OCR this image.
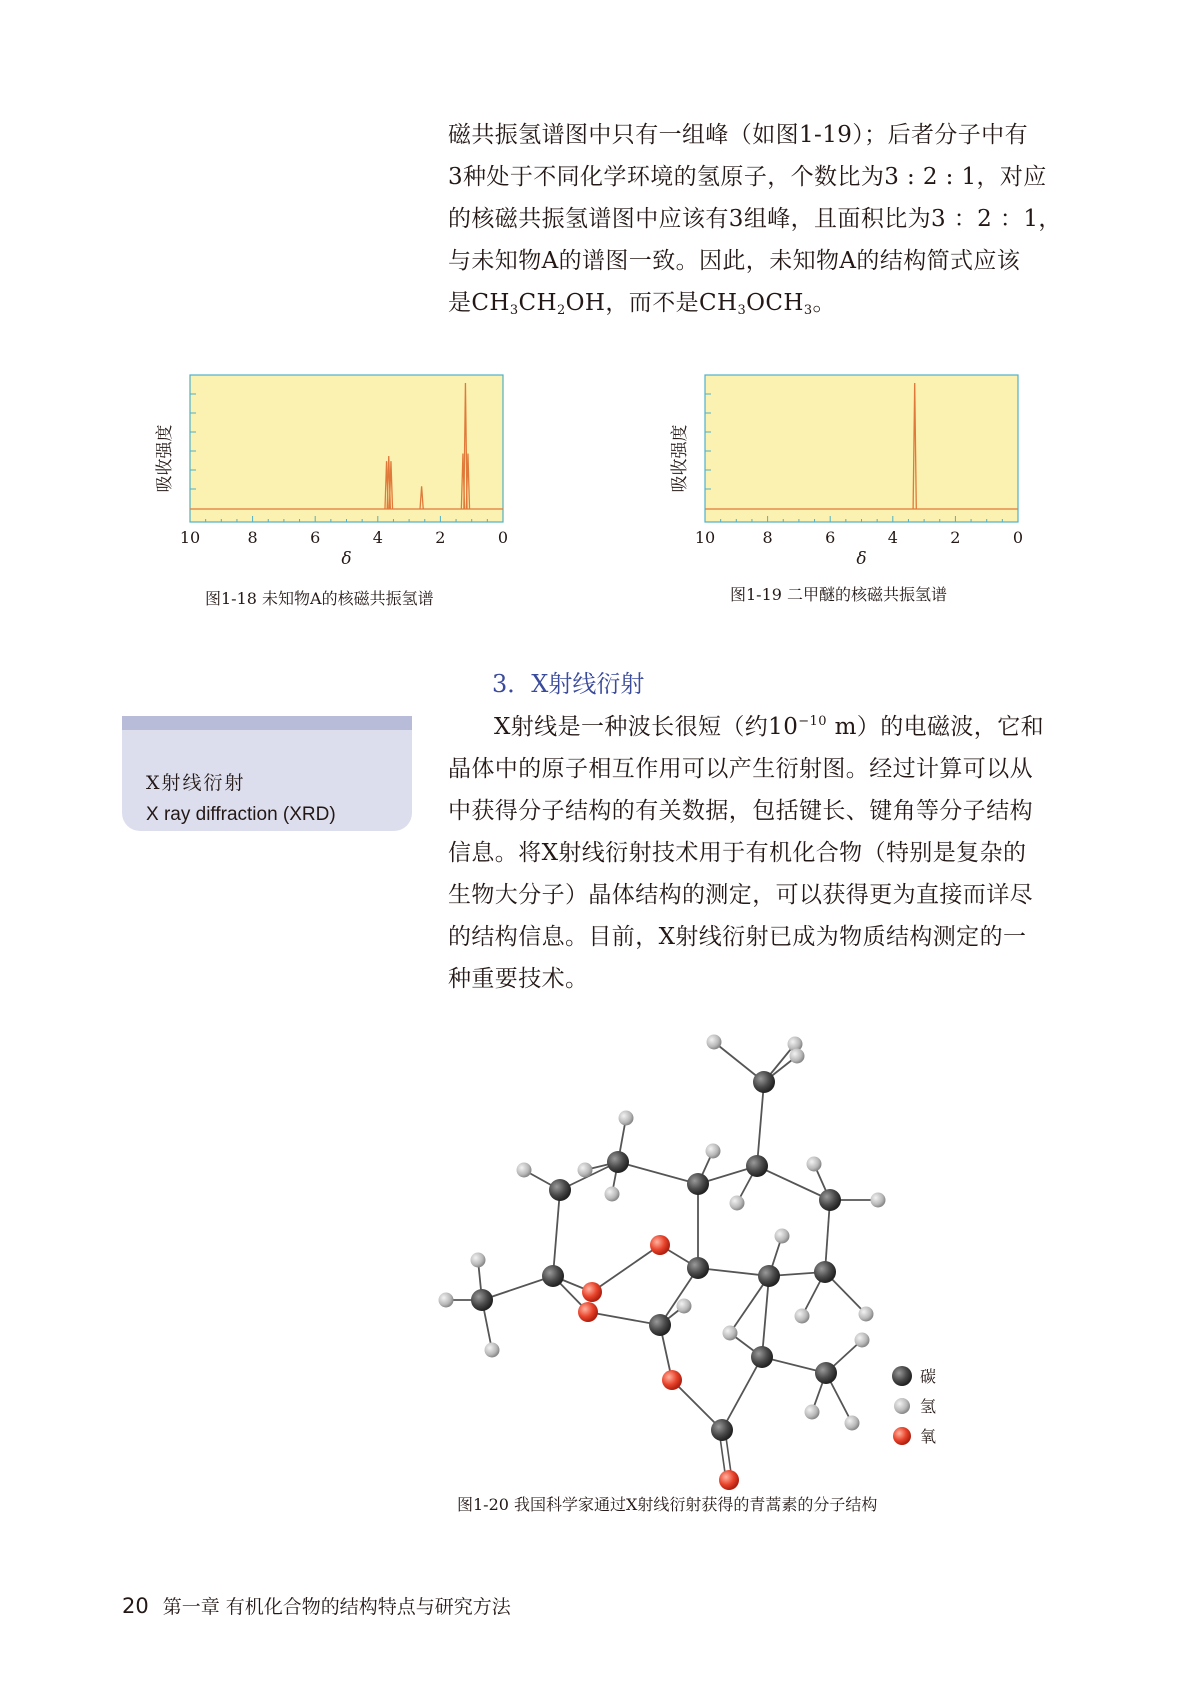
磁共振氢谱图中只有一组峰（如图1-19）；后者分子中有

3种处于不同化学环境的氢原子，个数比为3 : 2 : 1，对应

的核磁共振氢谱图中应该有3组峰，且面积比为3 ：2 ：1，

与未知物A的谱图一致。因此，未知物A的结构简式应该

是$CH_3CH_2OH$，而不是$CH_3OCH_3$。

10	8	6	4	2	0
δ
吸收强度
图1-18 未知物A的核磁共振氢谱
10	8	6	4	2	0
δ
吸收强度
图1-19 二甲醚的核磁共振氢谱
3．X射线衍射
X射线衍射
X ray diffraction (XRD)

X射线是一种波长很短（约$10^{-10}$ m）的电磁波，它和

晶体中的原子相互作用可以产生衍射图。经过计算可以从

中获得分子结构的有关数据，包括键长、键角等分子结构

信息。将X射线衍射技术用于有机化合物（特别是复杂的

生物大分子）晶体结构的测定，可以获得更为直接而详尽

的结构信息。目前，X射线衍射已成为物质结构测定的一

种重要技术。

碳
氢
氧
图1-20 我国科学家通过X射线衍射获得的青蒿素的分子结构
20 第一章 有机化合物的结构特点与研究方法
